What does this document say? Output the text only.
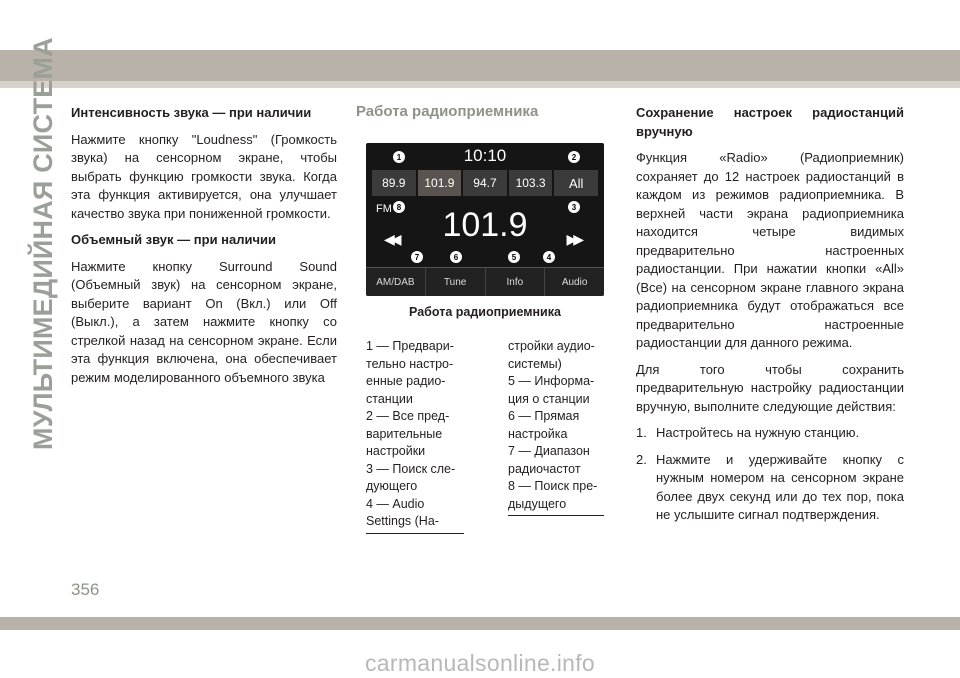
МУЛЬТИМЕДИЙНАЯ СИСТЕМА Интенсивность звука — при наличии

Нажмите кнопку "Loudness" (Громкость звука) на сенсорном экране, чтобы выбрать функцию громкости звука. Когда эта функция активируется, она улучшает качество звука при пониженной громкости.

Объемный звук — при наличии

Нажмите кнопку Surround Sound (Объемный звук) на сенсорном экране, выберите вариант On (Вкл.) или Off (Выкл.), а затем нажмите кнопку со стрелкой назад на сенсорном экране. Если эта функция включена, она обеспечивает режим моделированного объемного звука

Работа радиоприемника
10:10
89.9	101.9	94.7	103.3	All
FM	101.9
◀◀	▶▶
AM/DAB	Tune	Info	Audio
1	2
3
4
5
6
7
8
Работа радиоприемника
1 — Предвари-
тельно настро-
енные радио-
станции
2 — Все пред-
варительные
настройки
3 — Поиск сле-
дующего
4 — Audio
Settings (На-
стройки аудио-
системы)
5 — Информа-
ция о станции
6 — Прямая
настройка
7 — Диапазон
радиочастот
8 — Поиск пре-
дыдущего

Сохранение настроек радиостанций вручную

Функция «Radio» (Радиоприемник) сохраняет до 12 настроек радиостанций в каждом из режимов радиоприемника. В верхней части экрана радиоприемника находится четыре видимых предварительно настроенных радиостанции. При нажатии кнопки «All» (Все) на сенсорном экране главного экрана радиоприемника будут отображаться все предварительно настроенные радиостанции для данного режима.

Для того чтобы сохранить предварительную настройку радиостанции вручную, выполните следующие действия:

1. Настройтесь на нужную станцию.
2. Нажмите и удерживайте кнопку с нужным номером на сенсорном экране более двух секунд или до тех пор, пока не услышите сигнал подтверждения.
356
carmanualsonline.info
